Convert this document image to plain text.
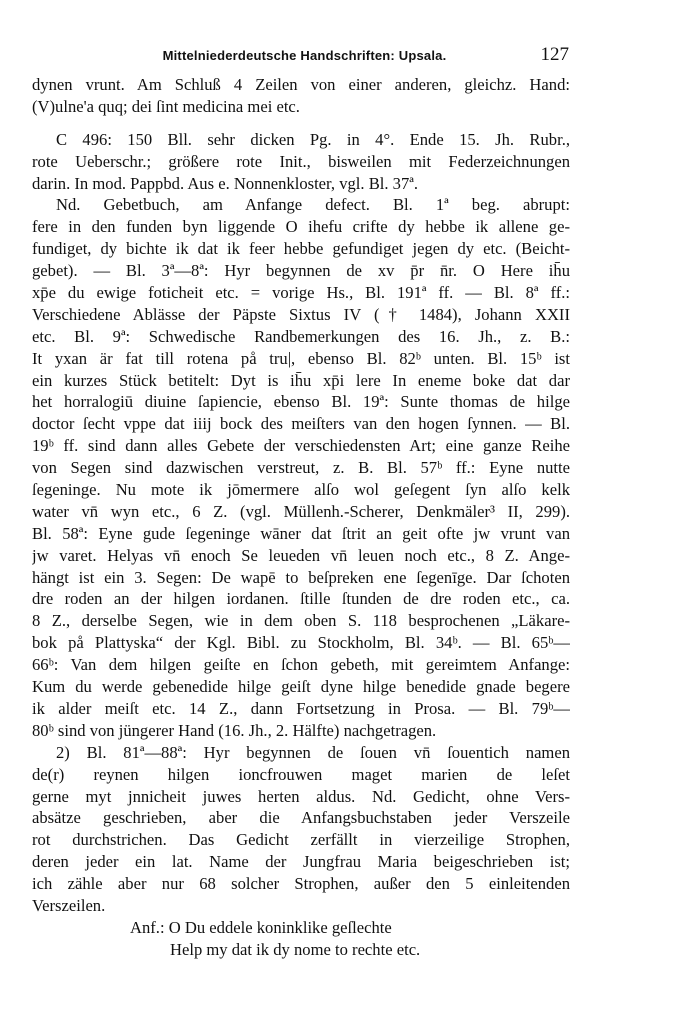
Mittelniederdeutsche Handschriften: Upsala.	127
dynen vrunt. Am Schluß 4 Zeilen von einer anderen, gleichz. Hand:
(V)ulne'a quq; dei ſint medicina mei etc.
C 496: 150 Bll. sehr dicken Pg. in 4°. Ende 15. Jh. Rubr.,
rote Ueberschr.; größere rote Init., bisweilen mit Federzeichnungen
darin. In mod. Pappbd. Aus e. Nonnenkloster, vgl. Bl. 37ª.
Nd. Gebetbuch, am Anfange defect. Bl. 1ª beg. abrupt:
fere in den funden byn liggende O ihefu crifte dy hebbe ik allene ge-
fundiget, dy bichte ik dat ik feer hebbe gefundiget jegen dy etc. (Beicht-
gebet). — Bl. 3ª—8ª: Hyr begynnen de xv p̄r n̄r. O Here ih̄u
xp̄e du ewige foticheit etc. = vorige Hs., Bl. 191ª ff. — Bl. 8ª ff.:
Verschiedene Ablässe der Päpste Sixtus IV († 1484), Johann XXII
etc. Bl. 9ª: Schwedische Randbemerkungen des 16. Jh., z. B.:
It yxan är fat till rotena på tru|, ebenso Bl. 82ᵇ unten. Bl. 15ᵇ ist
ein kurzes Stück betitelt: Dyt is ih̄u xp̄i lere In eneme boke dat dar
het horralogiū diuine ſapiencie, ebenso Bl. 19ª: Sunte thomas de hilge
doctor ſecht vppe dat iiij bock des meiſters van den hogen ſynnen. — Bl.
19ᵇ ff. sind dann alles Gebete der verschiedensten Art; eine ganze Reihe
von Segen sind dazwischen verstreut, z. B. Bl. 57ᵇ ff.: Eyne nutte
ſegeninge. Nu mote ik jōmermere alſo wol geſegent ſyn alſo kelk
water vn̄ wyn etc., 6 Z. (vgl. Müllenh.-Scherer, Denkmäler³ II, 299).
Bl. 58ª: Eyne gude ſegeninge wāner dat ſtrit an geit ofte jw vrunt van
jw varet. Helyas vn̄ enoch Se leueden vn̄ leuen noch etc., 8 Z. Ange-
hängt ist ein 3. Segen: De wapē to beſpreken ene ſegenīge. Dar ſchoten
dre roden an der hilgen iordanen. ſtille ſtunden de dre roden etc., ca.
8 Z., derselbe Segen, wie in dem oben S. 118 besprochenen „Läkare-
bok på Plattyska“ der Kgl. Bibl. zu Stockholm, Bl. 34ᵇ. — Bl. 65ᵇ—
66ᵇ: Van dem hilgen geiſte en ſchon gebeth, mit gereimtem Anfange:
Kum du werde gebenedide hilge geiſt dyne hilge benedide gnade begere
ik alder meiſt etc. 14 Z., dann Fortsetzung in Prosa. — Bl. 79ᵇ—
80ᵇ sind von jüngerer Hand (16. Jh., 2. Hälfte) nachgetragen.
2) Bl. 81ª—88ª: Hyr begynnen de ſouen vn̄ ſouentich namen
de(r) reynen hilgen ioncfrouwen maget marien de leſet
gerne myt jnnicheit juwes herten aldus. Nd. Gedicht, ohne Vers-
absätze geschrieben, aber die Anfangsbuchstaben jeder Verszeile
rot durchstrichen. Das Gedicht zerfällt in vierzeilige Strophen,
deren jeder ein lat. Name der Jungfrau Maria beigeschrieben ist;
ich zähle aber nur 68 solcher Strophen, außer den 5 einleitenden
Verszeilen.
Anf.: O Du eddele koninklike geſlechte
Help my dat ik dy nome to rechte etc.
